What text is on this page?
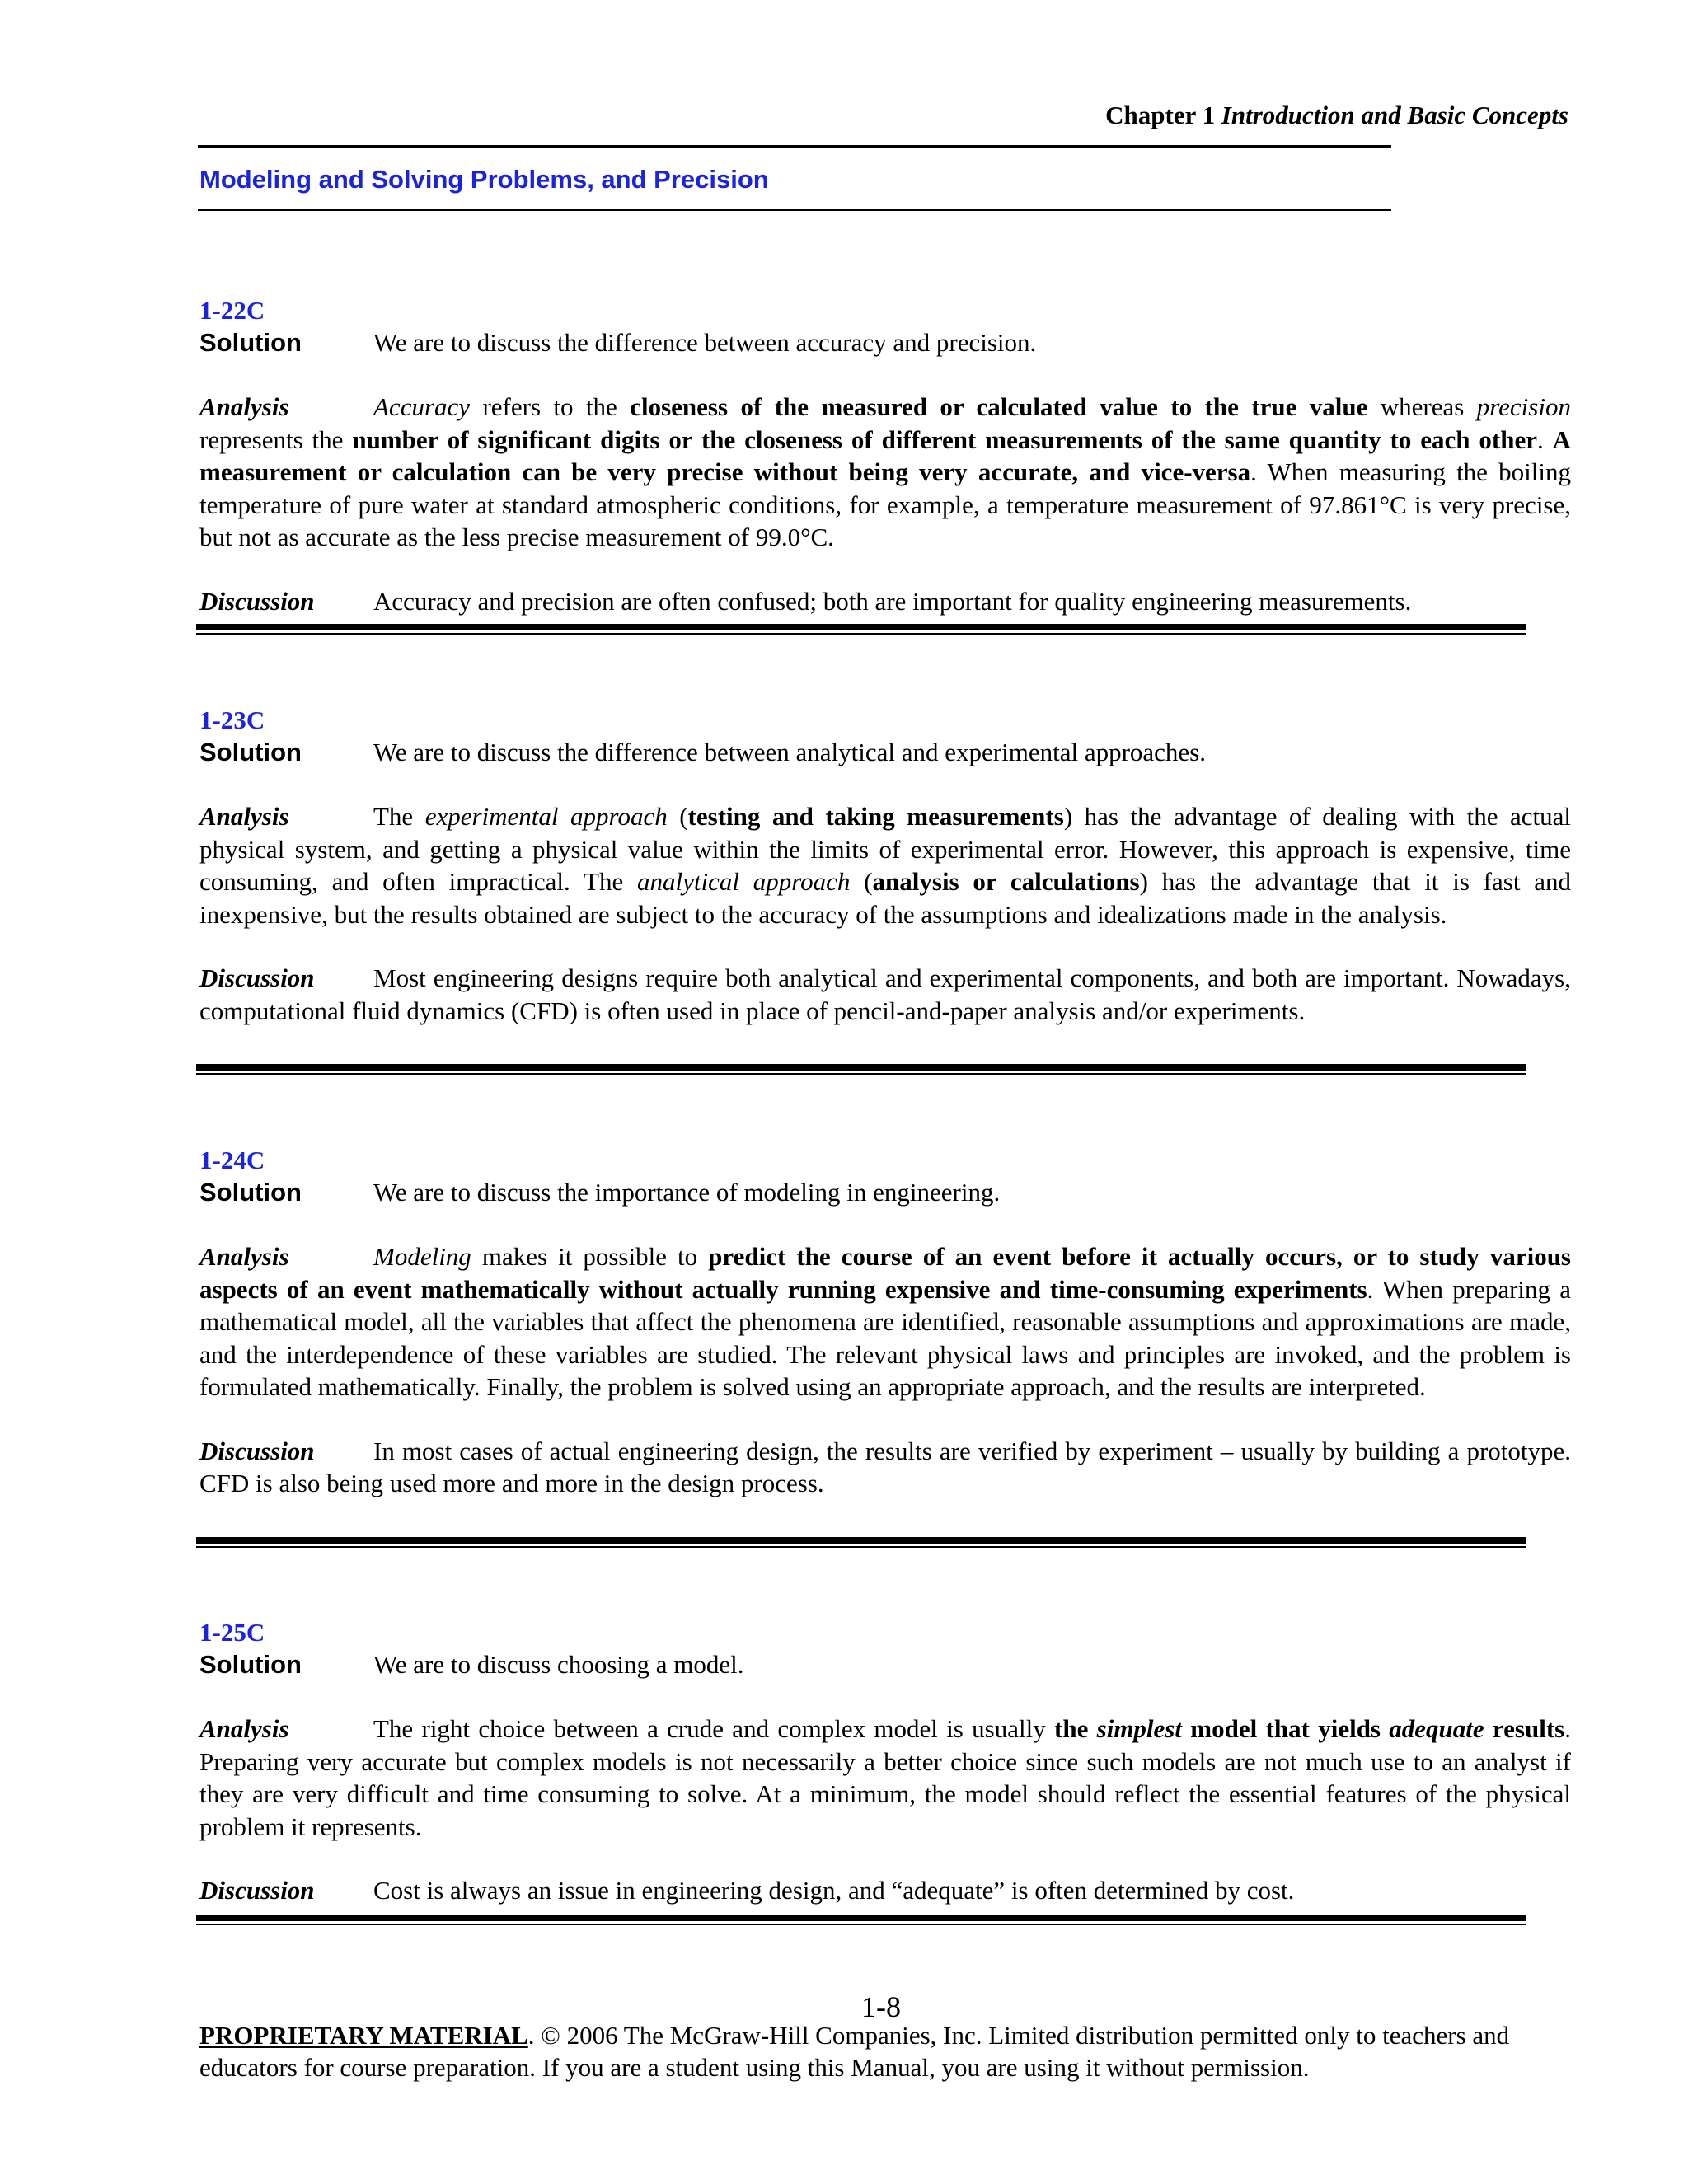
Chapter 1 Introduction and Basic Concepts
Modeling and Solving Problems, and Precision
1-22C
Solution	We are to discuss the difference between accuracy and precision.
Analysis	Accuracy refers to the closeness of the measured or calculated value to the true value whereas precision represents the number of significant digits or the closeness of different measurements of the same quantity to each other. A measurement or calculation can be very precise without being very accurate, and vice-versa. When measuring the boiling temperature of pure water at standard atmospheric conditions, for example, a temperature measurement of 97.861°C is very precise, but not as accurate as the less precise measurement of 99.0°C.
Discussion Accuracy and precision are often confused; both are important for quality engineering measurements.
1-23C
Solution	We are to discuss the difference between analytical and experimental approaches.
Analysis	The experimental approach (testing and taking measurements) has the advantage of dealing with the actual physical system, and getting a physical value within the limits of experimental error. However, this approach is expensive, time consuming, and often impractical. The analytical approach (analysis or calculations) has the advantage that it is fast and inexpensive, but the results obtained are subject to the accuracy of the assumptions and idealizations made in the analysis.
Discussion Most engineering designs require both analytical and experimental components, and both are important. Nowadays, computational fluid dynamics (CFD) is often used in place of pencil-and-paper analysis and/or experiments.
1-24C
Solution	We are to discuss the importance of modeling in engineering.
Analysis	Modeling makes it possible to predict the course of an event before it actually occurs, or to study various aspects of an event mathematically without actually running expensive and time-consuming experiments. When preparing a mathematical model, all the variables that affect the phenomena are identified, reasonable assumptions and approximations are made, and the interdependence of these variables are studied. The relevant physical laws and principles are invoked, and the problem is formulated mathematically. Finally, the problem is solved using an appropriate approach, and the results are interpreted.
Discussion In most cases of actual engineering design, the results are verified by experiment – usually by building a prototype. CFD is also being used more and more in the design process.
1-25C
Solution	We are to discuss choosing a model.
Analysis	The right choice between a crude and complex model is usually the simplest model that yields adequate results. Preparing very accurate but complex models is not necessarily a better choice since such models are not much use to an analyst if they are very difficult and time consuming to solve. At a minimum, the model should reflect the essential features of the physical problem it represents.
Discussion Cost is always an issue in engineering design, and “adequate” is often determined by cost.
1-8
PROPRIETARY MATERIAL. © 2006 The McGraw-Hill Companies, Inc. Limited distribution permitted only to teachers and educators for course preparation. If you are a student using this Manual, you are using it without permission.
